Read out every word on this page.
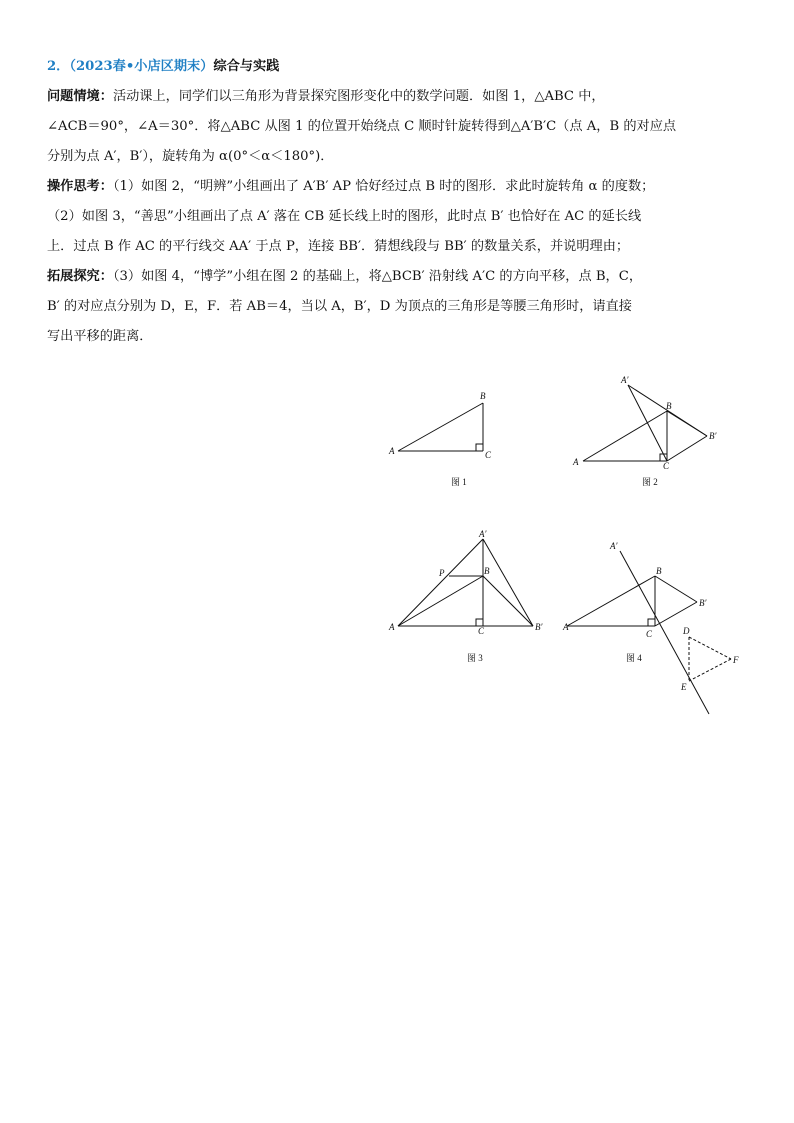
2．（2023春•小店区期末）综合与实践
问题情境：活动课上，同学们以三角形为背景探究图形变化中的数学问题．如图 1，△ABC 中，
∠ACB＝90°，∠A＝30°．将△ABC 从图 1 的位置开始绕点 C 顺时针旋转得到△A′B′C（点 A，B 的对应点
分别为点 A′，B′），旋转角为 α(0°＜α＜180°)．
操作思考：（1）如图 2，“明辨”小组画出了 A′B′ AP 恰好经过点 B 时的图形．求此时旋转角 α 的度数；
（2）如图 3，“善思”小组画出了点 A′ 落在 CB 延长线上时的图形，此时点 B′ 也恰好在 AC 的延长线
上．过点 B 作 AC 的平行线交 AA′ 于点 P，连接 BB′．猜想线段与 BB′ 的数量关系，并说明理由；
拓展探究：（3）如图 4，“博学”小组在图 2 的基础上，将△BCB′ 沿射线 A′C 的方向平移，点 B，C，
B′ 的对应点分别为 D，E，F．若 AB＝4，当以 A，B′，D 为顶点的三角形是等腰三角形时，请直接
写出平移的距离．
A
B
C
图 1
A′
B
B′
A	C
图 2
A′
P	B
A	C	B′
图 3
A′
B
B′
A
C	D
F
E
图 4
